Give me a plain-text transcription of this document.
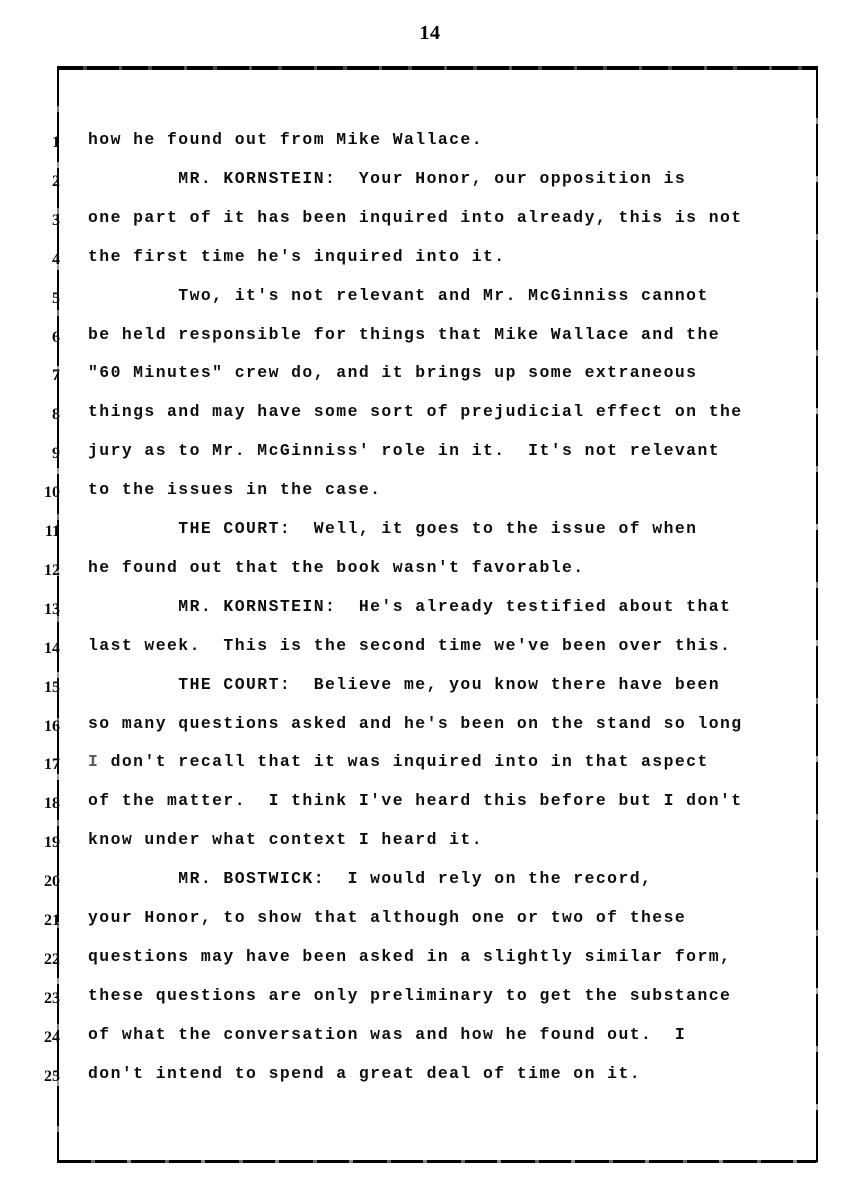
14
1 how he found out from Mike Wallace.
2 MR. KORNSTEIN:  Your Honor, our opposition is
3 one part of it has been inquired into already, this is not
4 the first time he's inquired into it.
5 Two, it's not relevant and Mr. McGinniss cannot
6 be held responsible for things that Mike Wallace and the
7 "60 Minutes" crew do, and it brings up some extraneous
8 things and may have some sort of prejudicial effect on the
9 jury as to Mr. McGinniss' role in it.  It's not relevant
10 to the issues in the case.
11 THE COURT:  Well, it goes to the issue of when
12 he found out that the book wasn't favorable.
13 MR. KORNSTEIN:  He's already testified about that
14 last week.  This is the second time we've been over this.
15 THE COURT:  Believe me, you know there have been
16 so many questions asked and he's been on the stand so long
17 I don't recall that it was inquired into in that aspect
18 of the matter.  I think I've heard this before but I don't
19 know under what context I heard it.
20 MR. BOSTWICK:  I would rely on the record,
21 your Honor, to show that although one or two of these
22 questions may have been asked in a slightly similar form,
23 these questions are only preliminary to get the substance
24 of what the conversation was and how he found out.  I
25 don't intend to spend a great deal of time on it.
